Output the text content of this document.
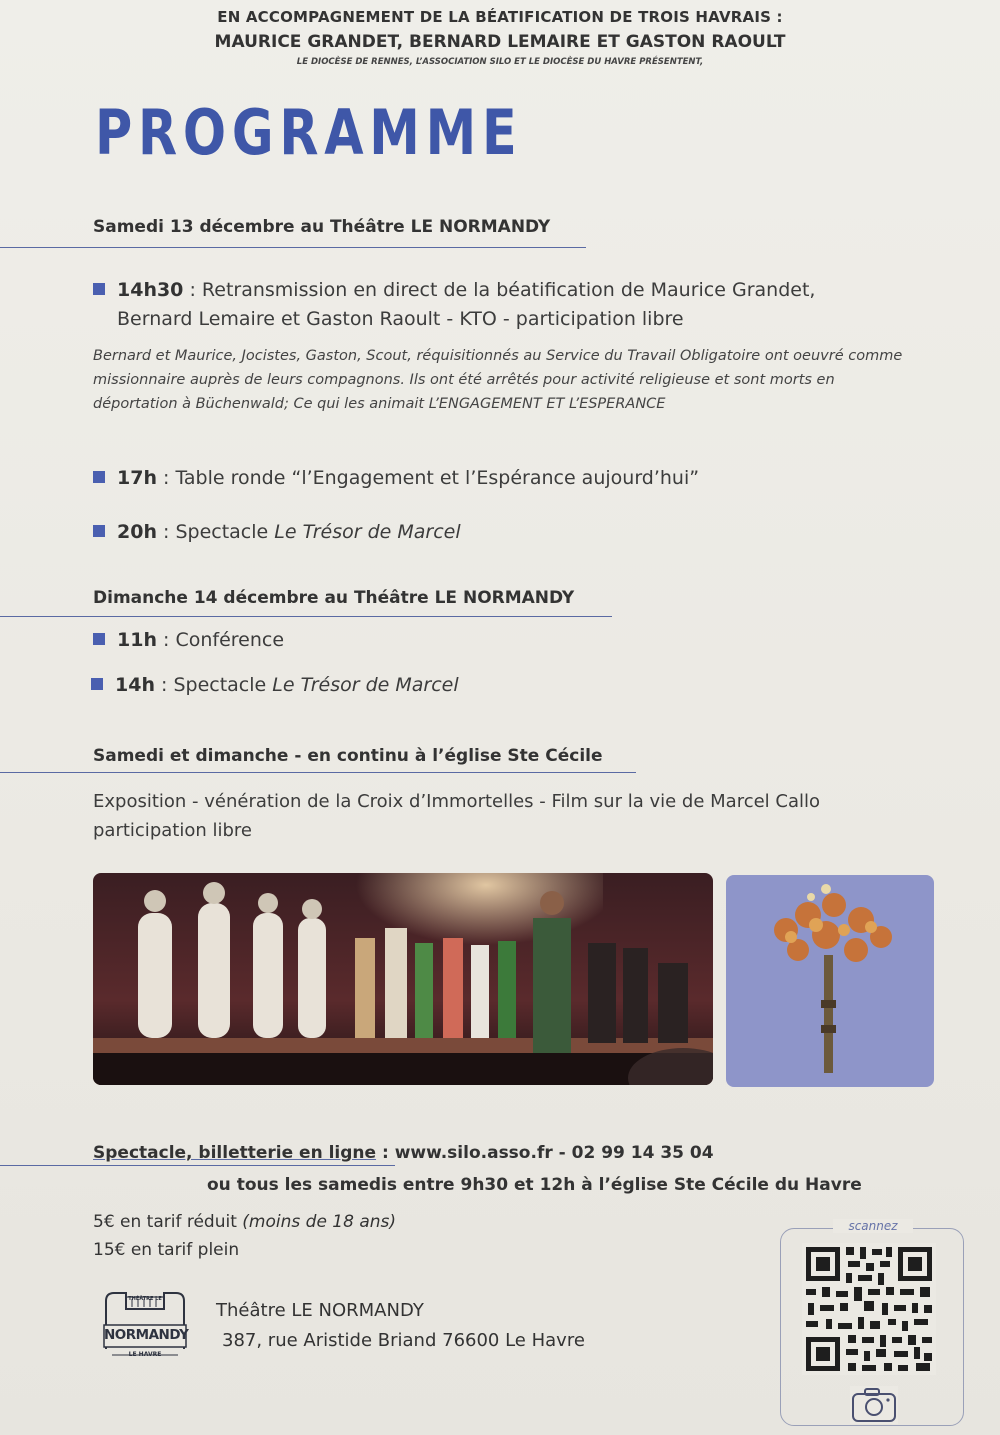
EN ACCOMPAGNEMENT DE LA BÉATIFICATION DE TROIS HAVRAIS :
MAURICE GRANDET, BERNARD LEMAIRE ET GASTON RAOULT
LE DIOCÈSE DE RENNES, L’ASSOCIATION SILO ET LE DIOCÈSE DU HAVRE PRÉSENTENT,
PROGRAMME
Samedi 13 décembre au Théâtre LE NORMANDY
14h30 : Retransmission en direct de la béatification de Maurice Grandet,
Bernard Lemaire et Gaston Raoult - KTO - participation libre
Bernard et Maurice, Jocistes, Gaston, Scout, réquisitionnés au Service du Travail Obligatoire ont oeuvré comme missionnaire auprès de leurs compagnons. Ils ont été arrêtés pour activité religieuse et sont morts en déportation à Büchenwald; Ce qui les animait L’ENGAGEMENT ET L’ESPERANCE
17h : Table ronde “l’Engagement et l’Espérance aujourd’hui”
20h : Spectacle Le Trésor de Marcel
Dimanche 14 décembre au Théâtre LE NORMANDY
11h : Conférence
14h : Spectacle Le Trésor de Marcel
Samedi et dimanche - en continu à l’église Ste Cécile
Exposition - vénération de la Croix d’Immortelles - Film sur la vie de Marcel Callo
participation libre
Spectacle, billetterie en ligne : www.silo.asso.fr - 02 99 14 35 04
ou tous les samedis entre 9h30 et 12h à l’église Ste Cécile du Havre
5€ en tarif réduit (moins de 18 ans)
15€ en tarif plein
THÉÂTRE LE
NORMANDY
LE HAVRE
Théâtre LE NORMANDY
387, rue Aristide Briand 76600 Le Havre
scannez
